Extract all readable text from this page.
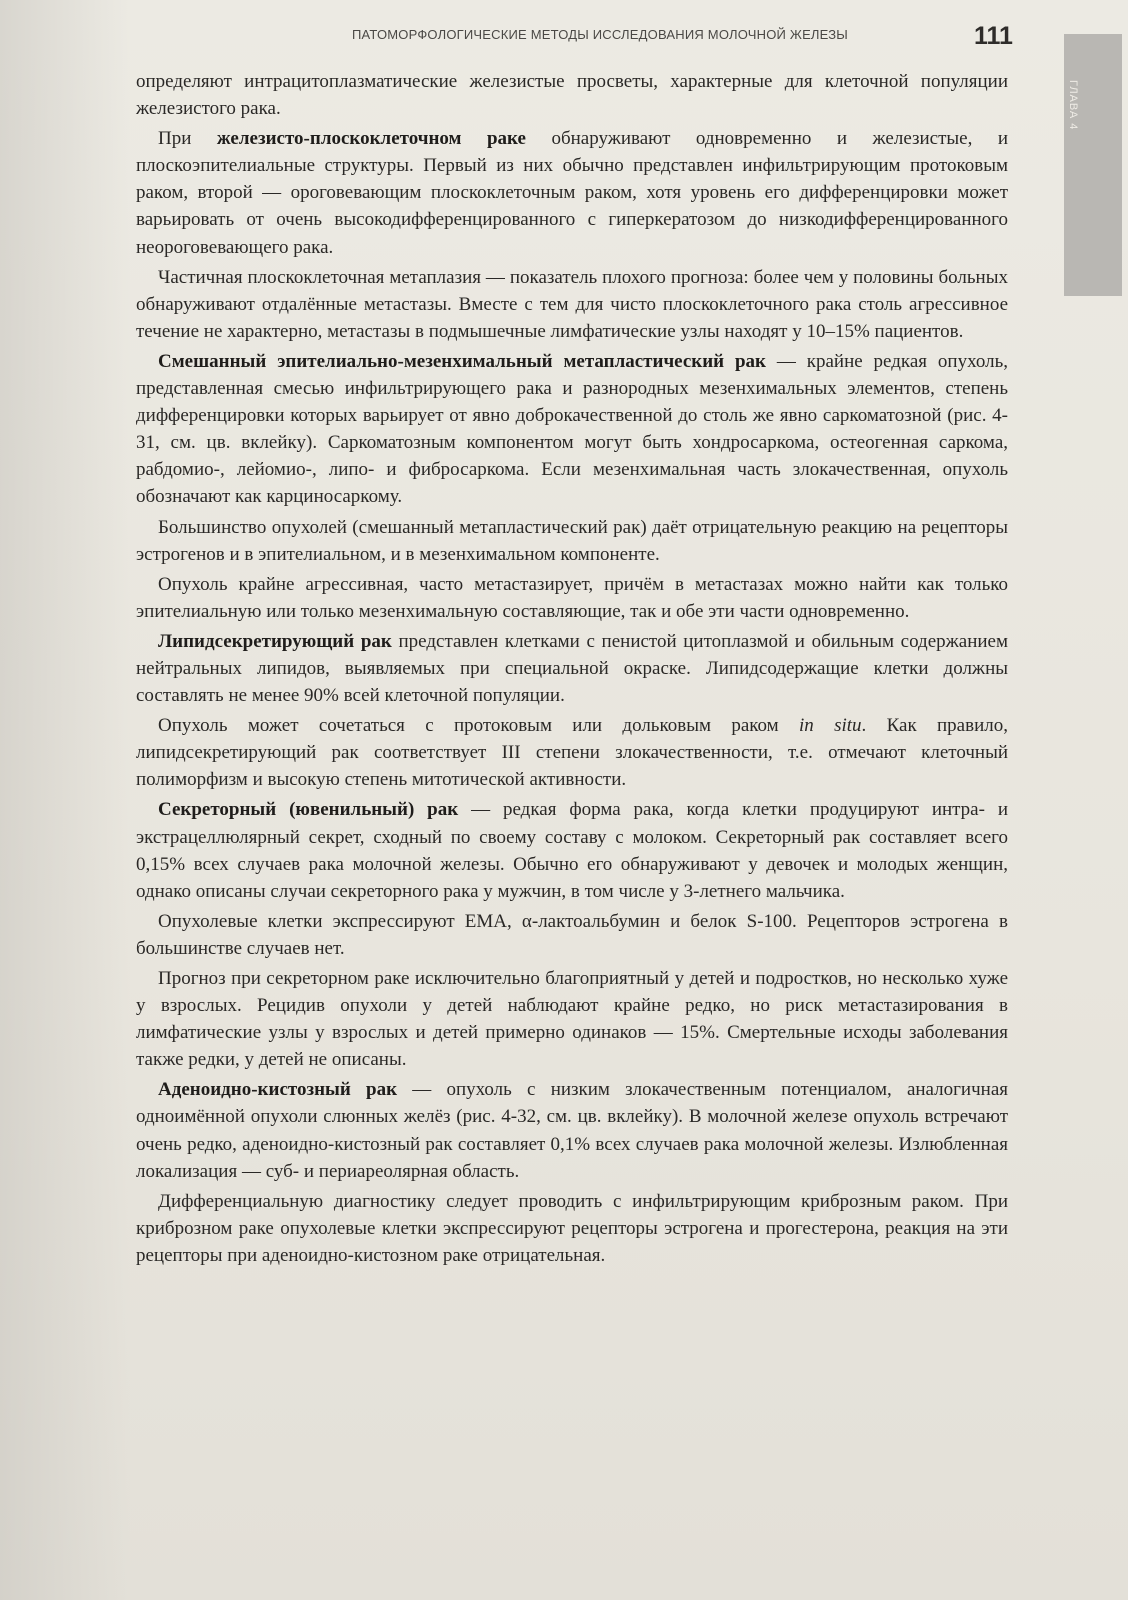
ПАТОМОРФОЛОГИЧЕСКИЕ МЕТОДЫ ИССЛЕДОВАНИЯ МОЛОЧНОЙ ЖЕЛЕЗЫ	111
ГЛАВА 4

определяют интрацитоплазматические железистые просветы, характерные для клеточной популяции железистого рака.

При железисто-плоскоклеточном раке обнаруживают одновременно и железистые, и плоскоэпителиальные структуры. Первый из них обычно представлен инфильтрирующим протоковым раком, второй — ороговевающим плоскоклеточным раком, хотя уровень его дифференцировки может варьировать от очень высокодифференцированного с гиперкератозом до низкодифференцированного неороговевающего рака.

Частичная плоскоклеточная метаплазия — показатель плохого прогноза: более чем у половины больных обнаруживают отдалённые метастазы. Вместе с тем для чисто плоскоклеточного рака столь агрессивное течение не характерно, метастазы в подмышечные лимфатические узлы находят у 10–15% пациентов.

Смешанный эпителиально-мезенхимальный метапластический рак — крайне редкая опухоль, представленная смесью инфильтрирующего рака и разнородных мезенхимальных элементов, степень дифференцировки которых варьирует от явно доброкачественной до столь же явно саркоматозной (рис. 4-31, см. цв. вклейку). Саркоматозным компонентом могут быть хондросаркома, остеогенная саркома, рабдомио-, лейомио-, липо- и фибросаркома. Если мезенхимальная часть злокачественная, опухоль обозначают как карциносаркому.

Большинство опухолей (смешанный метапластический рак) даёт отрицательную реакцию на рецепторы эстрогенов и в эпителиальном, и в мезенхимальном компоненте.

Опухоль крайне агрессивная, часто метастазирует, причём в метастазах можно найти как только эпителиальную или только мезенхимальную составляющие, так и обе эти части одновременно.

Липидсекретирующий рак представлен клетками с пенистой цитоплазмой и обильным содержанием нейтральных липидов, выявляемых при специальной окраске. Липидсодержащие клетки должны составлять не менее 90% всей клеточной популяции.

Опухоль может сочетаться с протоковым или дольковым раком in situ. Как правило, липидсекретирующий рак соответствует III степени злокачественности, т.е. отмечают клеточный полиморфизм и высокую степень митотической активности.

Секреторный (ювенильный) рак — редкая форма рака, когда клетки продуцируют интра- и экстрацеллюлярный секрет, сходный по своему составу с молоком. Секреторный рак составляет всего 0,15% всех случаев рака молочной железы. Обычно его обнаруживают у девочек и молодых женщин, однако описаны случаи секреторного рака у мужчин, в том числе у 3-летнего мальчика.

Опухолевые клетки экспрессируют ЕМА, α-лактоальбумин и белок S-100. Рецепторов эстрогена в большинстве случаев нет.

Прогноз при секреторном раке исключительно благоприятный у детей и подростков, но несколько хуже у взрослых. Рецидив опухоли у детей наблюдают крайне редко, но риск метастазирования в лимфатические узлы у взрослых и детей примерно одинаков — 15%. Смертельные исходы заболевания также редки, у детей не описаны.

Аденоидно-кистозный рак — опухоль с низким злокачественным потенциалом, аналогичная одноимённой опухоли слюнных желёз (рис. 4-32, см. цв. вклейку). В молочной железе опухоль встречают очень редко, аденоидно-кистозный рак составляет 0,1% всех случаев рака молочной железы. Излюбленная локализация — суб- и периареолярная область.

Дифференциальную диагностику следует проводить с инфильтрирующим криброзным раком. При криброзном раке опухолевые клетки экспрессируют рецепторы эстрогена и прогестерона, реакция на эти рецепторы при аденоидно-кистозном раке отрицательная.
